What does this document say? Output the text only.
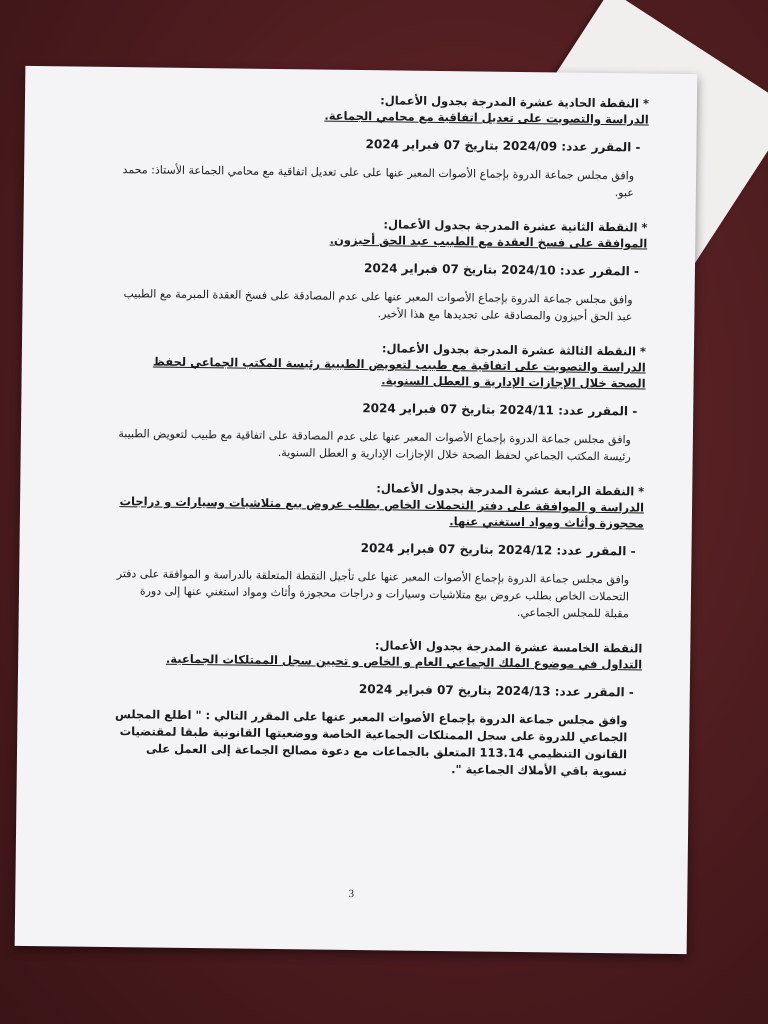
* النقطة الحادية عشرة المدرجة بجدول الأعمال:
الدراسة والتصويت على تعديل اتفاقية مع محامي الجماعة.
- المقرر عدد: 2024/09 بتاريخ 07 فبراير 2024
وافق مجلس جماعة الدروة بإجماع الأصوات المعبر عنها على على تعديل اتفاقية مع محامي الجماعة الأستاذ: محمد عبو.
* النقطة الثانية عشرة المدرجة بجدول الأعمال:
الموافقة على فسخ العقدة مع الطبيب عبد الحق أحيزون.
- المقرر عدد: 2024/10 بتاريخ 07 فبراير 2024
وافق مجلس جماعة الدروة بإجماع الأصوات المعبر عنها على عدم المصادقة على فسخ العقدة المبرمة مع الطبيب عبد الحق أحيزون والمصادقة على تجديدها مع هذا الأخير.
* النقطة الثالثة عشرة المدرجة بجدول الأعمال:
الدراسة والتصويت على اتفاقية مع طبيب لتعويض الطبيبة رئيسة المكتب الجماعي لحفظ الصحة خلال الإجازات الإدارية و العطل السنوية.
- المقرر عدد: 2024/11 بتاريخ 07 فبراير 2024
وافق مجلس جماعة الدروة بإجماع الأصوات المعبر عنها على عدم المصادقة على اتفاقية مع طبيب لتعويض الطبيبة رئيسة المكتب الجماعي لحفظ الصحة خلال الإجازات الإدارية و العطل السنوية.
* النقطة الرابعة عشرة المدرجة بجدول الأعمال:
الدراسة و الموافقة على دفتر التحملات الخاص بطلب عروض بيع متلاشيات وسيارات و دراجات محجوزة وأثاث ومواد استغني عنها.
- المقرر عدد: 2024/12 بتاريخ 07 فبراير 2024
وافق مجلس جماعة الدروة بإجماع الأصوات المعبر عنها على تأجيل النقطة المتعلقة بالدراسة و الموافقة على دفتر التحملات الخاص بطلب عروض بيع متلاشيات وسيارات و دراجات محجوزة وأثاث ومواد استغني عنها إلى دورة مقبلة للمجلس الجماعي.
النقطة الخامسة عشرة المدرجة بجدول الأعمال:
التداول في موضوع الملك الجماعي العام و الخاص و تحيين سجل الممتلكات الجماعية.
- المقرر عدد: 2024/13 بتاريخ 07 فبراير 2024
وافق مجلس جماعة الدروة بإجماع الأصوات المعبر عنها على المقرر التالي : " اطلع المجلس الجماعي للدروة على سجل الممتلكات الجماعية الخاصة ووضعيتها القانونية طبقا لمقتضيات القانون التنظيمي 113.14 المتعلق بالجماعات مع دعوة مصالح الجماعة إلى العمل على تسوية باقي الأملاك الجماعية ".
3
